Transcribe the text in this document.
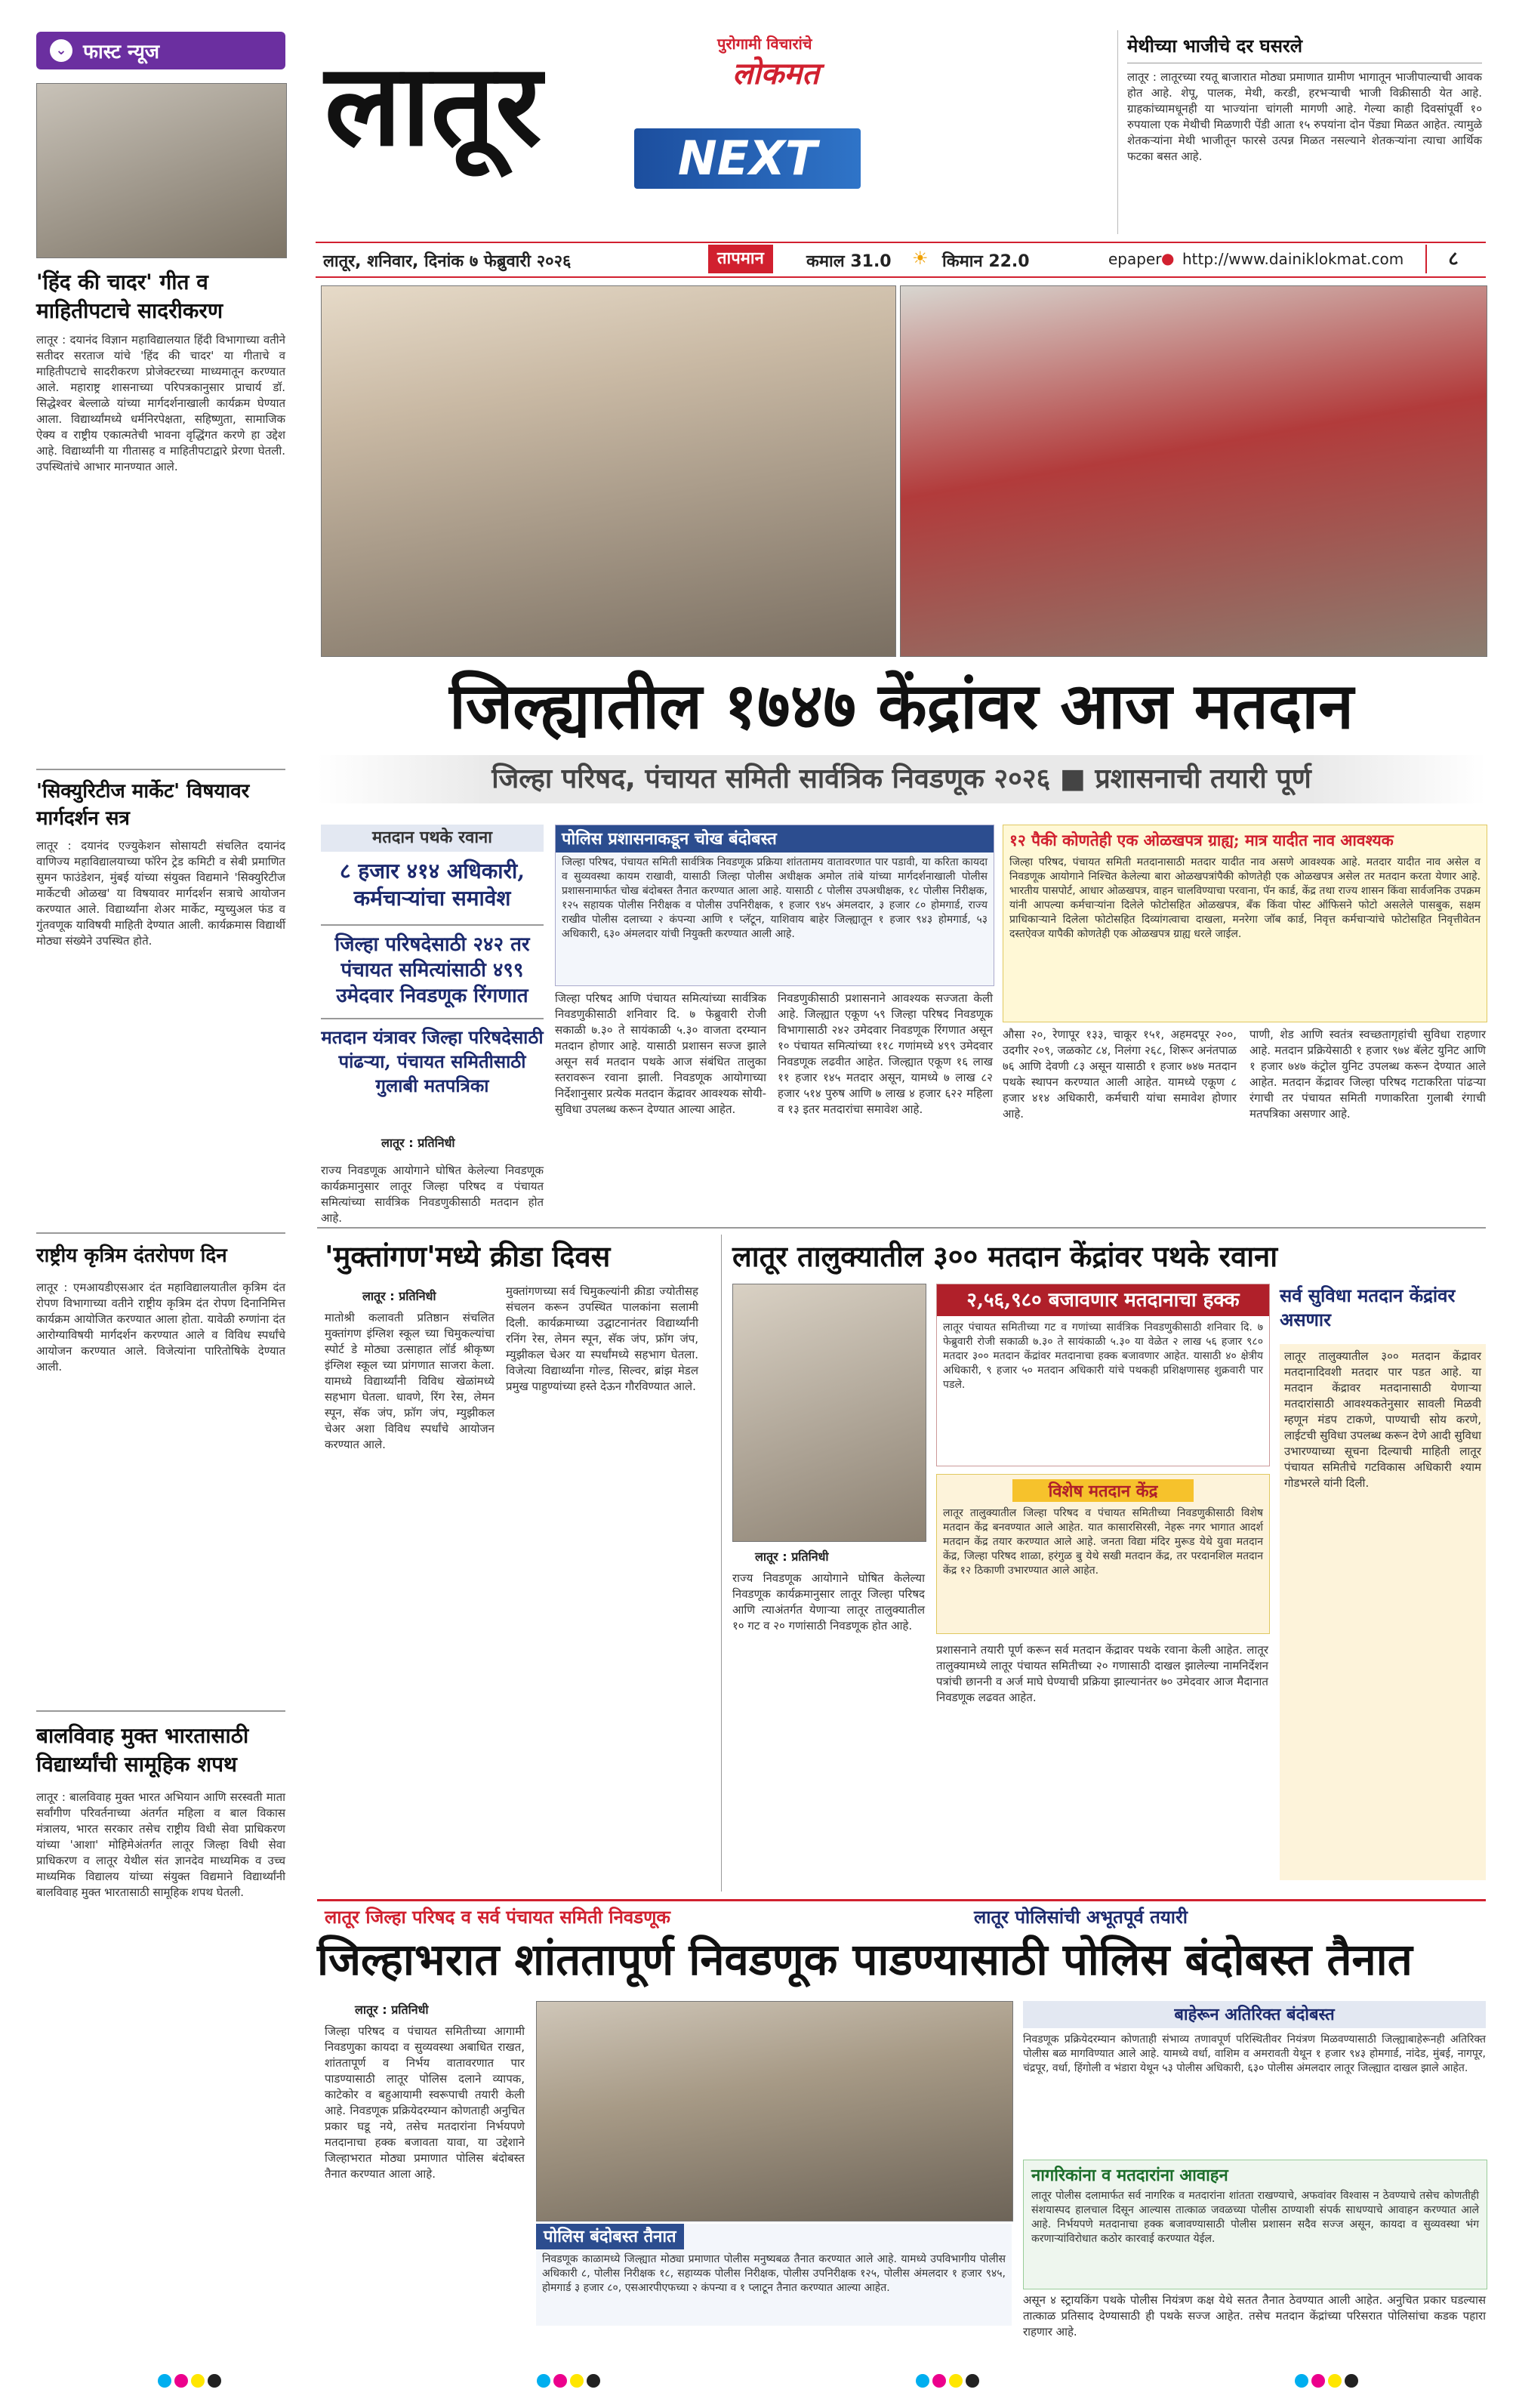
⌄ फास्ट न्यूज
'हिंद की चादर' गीत व माहितीपटाचे सादरीकरण
लातूर : दयानंद विज्ञान महाविद्यालयात हिंदी विभागाच्या वतीने सतीदर सरताज यांचे 'हिंद की चादर' या गीताचे व माहितीपटाचे सादरीकरण प्रोजेक्टरच्या माध्यमातून करण्यात आले. महाराष्ट्र शासनाच्या परिपत्रकानुसार प्राचार्य डॉ. सिद्धेश्वर बेल्लाळे यांच्या मार्गदर्शनाखाली कार्यक्रम घेण्यात आला. विद्यार्थ्यांमध्ये धर्मनिरपेक्षता, सहिष्णुता, सामाजिक ऐक्य व राष्ट्रीय एकात्मतेची भावना वृद्धिंगत करणे हा उद्देश आहे. विद्यार्थ्यांनी या गीतासह व माहितीपटाद्वारे प्रेरणा घेतली. उपस्थितांचे आभार मानण्यात आले.
'सिक्युरिटीज मार्केट' विषयावर मार्गदर्शन सत्र
लातूर : दयानंद एज्युकेशन सोसायटी संचलित दयानंद वाणिज्य महाविद्यालयाच्या फॉरेन ट्रेड कमिटी व सेबी प्रमाणित सुमन फाउंडेशन, मुंबई यांच्या संयुक्त विद्यमाने 'सिक्युरिटीज मार्केटची ओळख' या विषयावर मार्गदर्शन सत्राचे आयोजन करण्यात आले. विद्यार्थ्यांना शेअर मार्केट, म्युच्युअल फंड व गुंतवणूक याविषयी माहिती देण्यात आली. कार्यक्रमास विद्यार्थी मोठ्या संख्येने उपस्थित होते.
राष्ट्रीय कृत्रिम दंतरोपण दिन
लातूर : एमआयडीएसआर दंत महाविद्यालयातील कृत्रिम दंत रोपण विभागाच्या वतीने राष्ट्रीय कृत्रिम दंत रोपण दिनानिमित्त कार्यक्रम आयोजित करण्यात आला होता. यावेळी रुग्णांना दंत आरोग्याविषयी मार्गदर्शन करण्यात आले व विविध स्पर्धांचे आयोजन करण्यात आले. विजेत्यांना पारितोषिके देण्यात आली.
बालविवाह मुक्त भारतासाठी विद्यार्थ्यांची सामूहिक शपथ
लातूर : बालविवाह मुक्त भारत अभियान आणि सरस्वती माता सर्वांगीण परिवर्तनाच्या अंतर्गत महिला व बाल विकास मंत्रालय, भारत सरकार तसेच राष्ट्रीय विधी सेवा प्राधिकरण यांच्या 'आशा' मोहिमेअंतर्गत लातूर जिल्हा विधी सेवा प्राधिकरण व लातूर येथील संत ज्ञानदेव माध्यमिक व उच्च माध्यमिक विद्यालय यांच्या संयुक्त विद्यमाने विद्यार्थ्यांनी बालविवाह मुक्त भारतासाठी सामूहिक शपथ घेतली.
लातूर	पुरोगामी विचारांचे
लोकमत
NEXT
लातूर, शनिवार, दिनांक ७ फेब्रुवारी २०२६	तापमान	कमाल 31.0 ☀ किमान 22.0	epaper ● http://www.dainiklokmat.com	८
मेथीच्या भाजीचे दर घसरले
लातूर : लातूरच्या रयतू बाजारात मोठ्या प्रमाणात ग्रामीण भागातून भाजीपाल्याची आवक होत आहे. शेपू, पालक, मेथी, करडी, हरभऱ्याची भाजी विक्रीसाठी येत आहे. ग्राहकांच्यामधूनही या भाज्यांना चांगली मागणी आहे. गेल्या काही दिवसांपूर्वी १० रुपयाला एक मेथीची मिळणारी पेंडी आता १५ रुपयांना दोन पेंड्या मिळत आहेत. त्यामुळे शेतकऱ्यांना मेथी भाजीतून फारसे उत्पन्न मिळत नसल्याने शेतकऱ्यांना त्याचा आर्थिक फटका बसत आहे.
जिल्ह्यातील १७४७ केंद्रांवर आज मतदान
जिल्हा परिषद, पंचायत समिती सार्वत्रिक निवडणूक २०२६ ■ प्रशासनाची तयारी पूर्ण
मतदान पथके रवाना
८ हजार ४१४ अधिकारी, कर्मचाऱ्यांचा समावेश
जिल्हा परिषदेसाठी २४२ तर पंचायत समित्यांसाठी ४९९ उमेदवार निवडणूक रिंगणात
मतदान यंत्रावर जिल्हा परिषदेसाठी पांढऱ्या, पंचायत समितीसाठी गुलाबी मतपत्रिका
लातूर : प्रतिनिधी
राज्य निवडणूक आयोगाने घोषित केलेल्या निवडणूक कार्यक्रमानुसार लातूर जिल्हा परिषद व पंचायत समित्यांच्या सार्वत्रिक निवडणुकीसाठी मतदान होत आहे.
पोलिस प्रशासनाकडून चोख बंदोबस्त
जिल्हा परिषद, पंचायत समिती सार्वत्रिक निवडणूक प्रक्रिया शांततामय वातावरणात पार पडावी, या करिता कायदा व सुव्यवस्था कायम राखावी, यासाठी जिल्हा पोलीस अधीक्षक अमोल तांबे यांच्या मार्गदर्शनाखाली पोलीस प्रशासनामार्फत चोख बंदोबस्त तैनात करण्यात आला आहे. यासाठी ८ पोलीस उपअधीक्षक, १८ पोलीस निरीक्षक, १२५ सहायक पोलीस निरीक्षक व पोलीस उपनिरीक्षक, १ हजार ९४५ अंमलदार, ३ हजार ८० होमगार्ड, राज्य राखीव पोलीस दलाच्या २ कंपन्या आणि १ प्लॅटून, याशिवाय बाहेर जिल्ह्यातून १ हजार ९४३ होमगार्ड, ५३ अधिकारी, ६३० अंमलदार यांची नियुक्ती करण्यात आली आहे.
जिल्हा परिषद आणि पंचायत समित्यांच्या सार्वत्रिक निवडणुकीसाठी शनिवार दि. ७ फेब्रुवारी रोजी सकाळी ७.३० ते सायंकाळी ५.३० वाजता दरम्यान मतदान होणार आहे. यासाठी प्रशासन सज्ज झाले असून सर्व मतदान पथके आज संबंधित तालुका स्तरावरून रवाना झाली. निवडणूक आयोगाच्या निर्देशानुसार प्रत्येक मतदान केंद्रावर आवश्यक सोयी-सुविधा उपलब्ध करून देण्यात आल्या आहेत.
निवडणुकीसाठी प्रशासनाने आवश्यक सज्जता केली आहे. जिल्ह्यात एकूण ५९ जिल्हा परिषद निवडणूक विभागासाठी २४२ उमेदवार निवडणूक रिंगणात असून १० पंचायत समित्यांच्या ११८ गणांमध्ये ४९९ उमेदवार निवडणूक लढवीत आहेत. जिल्ह्यात एकूण १६ लाख ११ हजार १४५ मतदार असून, यामध्ये ७ लाख ८२ हजार ५१४ पुरुष आणि ७ लाख ४ हजार ६२२ महिला व १३ इतर मतदारांचा समावेश आहे.
१२ पैकी कोणतेही एक ओळखपत्र ग्राह्य; मात्र यादीत नाव आवश्यक
जिल्हा परिषद, पंचायत समिती मतदानासाठी मतदार यादीत नाव असणे आवश्यक आहे. मतदार यादीत नाव असेल व निवडणूक आयोगाने निश्चित केलेल्या बारा ओळखपत्रांपैकी कोणतेही एक ओळखपत्र असेल तर मतदान करता येणार आहे. भारतीय पासपोर्ट, आधार ओळखपत्र, वाहन चालविण्याचा परवाना, पॅन कार्ड, केंद्र तथा राज्य शासन किंवा सार्वजनिक उपक्रम यांनी आपल्या कर्मचाऱ्यांना दिलेले फोटोसहित ओळखपत्र, बँक किंवा पोस्ट ऑफिसने फोटो असलेले पासबुक, सक्षम प्राधिकाऱ्याने दिलेला फोटोसहित दिव्यांगत्वाचा दाखला, मनरेगा जॉब कार्ड, निवृत्त कर्मचाऱ्यांचे फोटोसहित निवृत्तीवेतन दस्तऐवज यापैकी कोणतेही एक ओळखपत्र ग्राह्य धरले जाईल.
औसा २०, रेणापूर १३३, चाकूर १५१, अहमदपूर २००, उदगीर २०९, जळकोट ८४, निलंगा २६८, शिरूर अनंतपाळ ७६ आणि देवणी ८३ असून यासाठी १ हजार ७४७ मतदान पथके स्थापन करण्यात आली आहेत. यामध्ये एकूण ८ हजार ४१४ अधिकारी, कर्मचारी यांचा समावेश होणार आहे.
पाणी, शेड आणि स्वतंत्र स्वच्छतागृहांची सुविधा राहणार आहे. मतदान प्रक्रियेसाठी १ हजार ९७४ बॅलेट युनिट आणि १ हजार ७४७ कंट्रोल युनिट उपलब्ध करून देण्यात आले आहेत. मतदान केंद्रावर जिल्हा परिषद गटाकरिता पांढऱ्या रंगाची तर पंचायत समिती गणाकरिता गुलाबी रंगाची मतपत्रिका असणार आहे.
'मुक्तांगण'मध्ये क्रीडा दिवस
लातूर : प्रतिनिधी
मातोश्री कलावती प्रतिष्ठान संचलित मुक्तांगण इंग्लिश स्कूल च्या चिमुकल्यांचा स्पोर्ट डे मोठ्या उत्साहात लॉर्ड श्रीकृष्ण इंग्लिश स्कूल च्या प्रांगणात साजरा केला. यामध्ये विद्यार्थ्यांनी विविध खेळांमध्ये सहभाग घेतला. धावणे, रिंग रेस, लेमन स्पून, सॅक जंप, फ्रॉग जंप, म्युझीकल चेअर अशा विविध स्पर्धांचे आयोजन करण्यात आले.
मुक्तांगणच्या सर्व चिमुकल्यांनी क्रीडा ज्योतीसह संचलन करून उपस्थित पालकांना सलामी दिली. कार्यक्रमाच्या उद्घाटनानंतर विद्यार्थ्यांनी रनिंग रेस, लेमन स्पून, सॅक जंप, फ्रॉग जंप, म्युझीकल चेअर या स्पर्धांमध्ये सहभाग घेतला. विजेत्या विद्यार्थ्यांना गोल्ड, सिल्वर, ब्रांझ मेडल प्रमुख पाहुण्यांच्या हस्ते देऊन गौरविण्यात आले.
लातूर तालुक्यातील ३०० मतदान केंद्रांवर पथके रवाना
लातूर : प्रतिनिधी
राज्य निवडणूक आयोगाने घोषित केलेल्या निवडणूक कार्यक्रमानुसार लातूर जिल्हा परिषद आणि त्याअंतर्गत येणाऱ्या लातूर तालुक्यातील १० गट व २० गणांसाठी निवडणूक होत आहे.
२,५६,९८० बजावणार मतदानाचा हक्क
लातूर पंचायत समितीच्या गट व गणांच्या सार्वत्रिक निवडणुकीसाठी शनिवार दि. ७ फेब्रुवारी रोजी सकाळी ७.३० ते सायंकाळी ५.३० या वेळेत २ लाख ५६ हजार ९८० मतदार ३०० मतदान केंद्रांवर मतदानाचा हक्क बजावणार आहेत. यासाठी ४० क्षेत्रीय अधिकारी, ९ हजार ५० मतदान अधिकारी यांचे पथकही प्रशिक्षणासह शुक्रवारी पार पडले.
विशेष मतदान केंद्र
लातूर तालुक्यातील जिल्हा परिषद व पंचायत समितीच्या निवडणुकीसाठी विशेष मतदान केंद्र बनवण्यात आले आहेत. यात कासारसिरसी, नेहरू नगर भागात आदर्श मतदान केंद्र तयार करण्यात आले आहे. जनता विद्या मंदिर मुरूड येथे युवा मतदान केंद्र, जिल्हा परिषद शाळा, हरंगुळ बु येथे सखी मतदान केंद्र, तर परदानशिल मतदान केंद्र १२ ठिकाणी उभारण्यात आले आहेत.
प्रशासनाने तयारी पूर्ण करून सर्व मतदान केंद्रावर पथके रवाना केली आहेत. लातूर तालुक्यामध्ये लातूर पंचायत समितीच्या २० गणासाठी दाखल झालेल्या नामनिर्देशन पत्रांची छाननी व अर्ज माघे घेण्याची प्रक्रिया झाल्यानंतर ७० उमेदवार आज मैदानात निवडणूक लढवत आहेत.
सर्व सुविधा मतदान केंद्रांवर असणार
लातूर तालुक्यातील ३०० मतदान केंद्रावर मतदानादिवशी मतदार पार पडत आहे. या मतदान केंद्रावर मतदानासाठी येणाऱ्या मतदारांसाठी आवश्यकतेनुसार सावली मिळवी म्हणून मंडप टाकणे, पाण्याची सोय करणे, लाईटची सुविधा उपलब्ध करून देणे आदी सुविधा उभारण्याच्या सूचना दिल्याची माहिती लातूर पंचायत समितीचे गटविकास अधिकारी श्याम गोडभरले यांनी दिली.
लातूर जिल्हा परिषद व सर्व पंचायत समिती निवडणूक	लातूर पोलिसांची अभूतपूर्व तयारी
जिल्हाभरात शांततापूर्ण निवडणूक पाडण्यासाठी पोलिस बंदोबस्त तैनात
लातूर : प्रतिनिधी
जिल्हा परिषद व पंचायत समितीच्या आगामी निवडणुका कायदा व सुव्यवस्था अबाधित राखत, शांततापूर्ण व निर्भय वातावरणात पार पाडण्यासाठी लातूर पोलिस दलाने व्यापक, काटेकोर व बहुआयामी स्वरूपाची तयारी केली आहे. निवडणूक प्रक्रियेदरम्यान कोणताही अनुचित प्रकार घडू नये, तसेच मतदारांना निर्भयपणे मतदानाचा हक्क बजावता यावा, या उद्देशाने जिल्हाभरात मोठ्या प्रमाणात पोलिस बंदोबस्त तैनात करण्यात आला आहे.
पोलिस बंदोबस्त तैनात
निवडणूक काळामध्ये जिल्ह्यात मोठ्या प्रमाणात पोलीस मनुष्यबळ तैनात करण्यात आले आहे. यामध्ये उपविभागीय पोलीस अधिकारी ८, पोलीस निरीक्षक १८, सहाय्यक पोलीस निरीक्षक, पोलीस उपनिरीक्षक १२५, पोलीस अंमलदार १ हजार ९४५, होमगार्ड ३ हजार ८०, एसआरपीएफच्या २ कंपन्या व १ प्लाटून तैनात करण्यात आल्या आहेत.
बाहेरून अतिरिक्त बंदोबस्त
निवडणूक प्रक्रियेदरम्यान कोणताही संभाव्य तणावपूर्ण परिस्थितीवर नियंत्रण मिळवण्यासाठी जिल्ह्याबाहेरूनही अतिरिक्त पोलीस बळ मागविण्यात आले आहे. यामध्ये वर्धा, वाशिम व अमरावती येथून १ हजार ९४३ होमगार्ड, नांदेड, मुंबई, नागपूर, चंद्रपूर, वर्धा, हिंगोली व भंडारा येथून ५३ पोलीस अधिकारी, ६३० पोलीस अंमलदार लातूर जिल्ह्यात दाखल झाले आहेत.
नागरिकांना व मतदारांना आवाहन
लातूर पोलीस दलामार्फत सर्व नागरिक व मतदारांना शांतता राखण्याचे, अफवांवर विश्वास न ठेवण्याचे तसेच कोणतीही संशयास्पद हालचाल दिसून आल्यास तात्काळ जवळच्या पोलीस ठाण्याशी संपर्क साधण्याचे आवाहन करण्यात आले आहे. निर्भयपणे मतदानाचा हक्क बजावण्यासाठी पोलीस प्रशासन सदैव सज्ज असून, कायदा व सुव्यवस्था भंग करणाऱ्यांविरोधात कठोर कारवाई करण्यात येईल.
असून ४ स्ट्रायकिंग पथके पोलीस नियंत्रण कक्ष येथे सतत तैनात ठेवण्यात आली आहेत. अनुचित प्रकार घडल्यास तात्काळ प्रतिसाद देण्यासाठी ही पथके सज्ज आहेत. तसेच मतदान केंद्रांच्या परिसरात पोलिसांचा कडक पहारा राहणार आहे.
